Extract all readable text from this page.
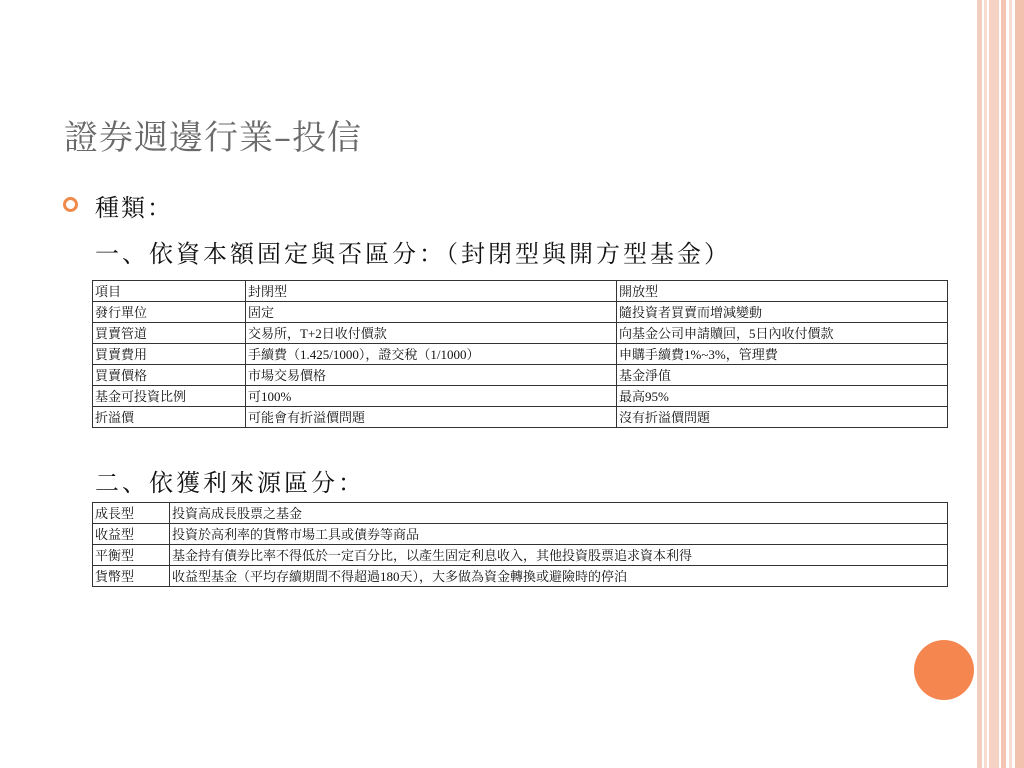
證券週邊行業–投信
種類：
一、依資本額固定與否區分：（封閉型與開方型基金）
項目	封閉型	開放型
發行單位	固定	隨投資者買賣而增減變動
買賣管道	交易所，T+2日收付價款	向基金公司申請贖回，5日內收付價款
買賣費用	手續費（1.425/1000），證交稅（1/1000）	申購手續費1%~3%，管理費
買賣價格	市場交易價格	基金淨值
基金可投資比例	可100%	最高95%
折溢價	可能會有折溢價問題	沒有折溢價問題
二、依獲利來源區分：
成長型	投資高成長股票之基金
收益型	投資於高利率的貨幣市場工具或債券等商品
平衡型	基金持有債券比率不得低於一定百分比，以產生固定利息收入，其他投資股票追求資本利得
貨幣型	收益型基金（平均存續期間不得超過180天），大多做為資金轉換或避險時的停泊
